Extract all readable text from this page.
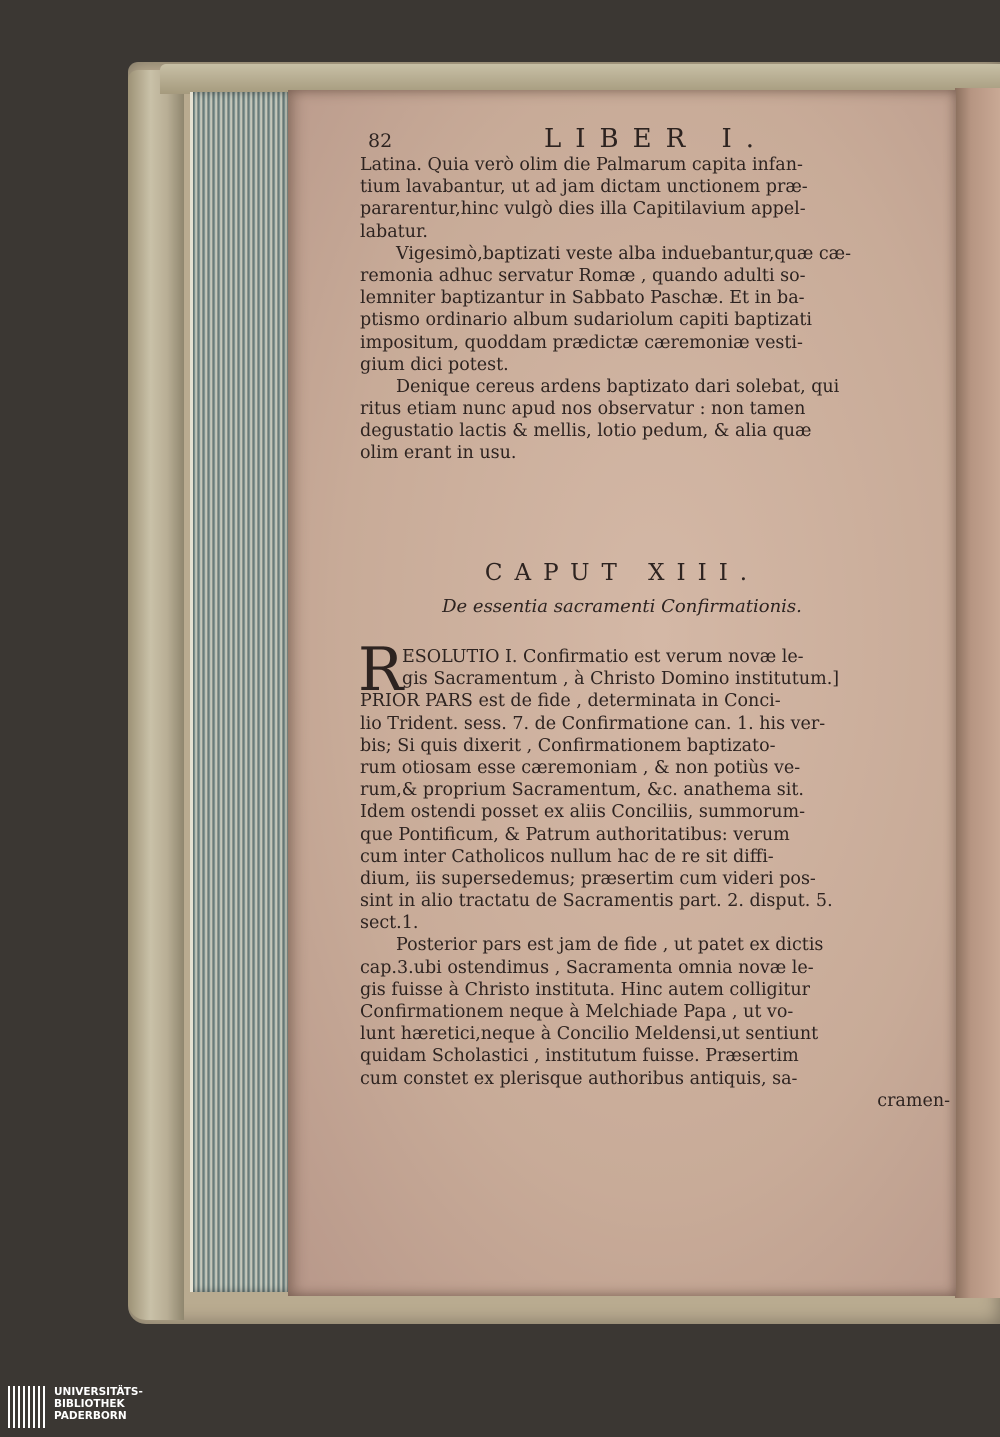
82	LIBER I.
Latina. Quia verò olim die Palmarum capita infan-
tium lavabantur, ut ad jam dictam unctionem præ-
pararentur,hinc vulgò dies illa Capitilavium appel-
labatur.
Vigesimò,baptizati veste alba induebantur,quæ cæ-
remonia adhuc servatur Romæ , quando adulti so-
lemniter baptizantur in Sabbato Paschæ. Et in ba-
ptismo ordinario album sudariolum capiti baptizati
impositum, quoddam prædictæ cæremoniæ vesti-
gium dici potest.
Denique cereus ardens baptizato dari solebat, qui
ritus etiam nunc apud nos observatur : non tamen
degustatio lactis & mellis, lotio pedum, & alia quæ
olim erant in usu.
CAPUT XIII.
De essentia sacramenti Confirmationis.
R
ESOLUTIO I. Confirmatio est verum novæ le-
gis Sacramentum , à Christo Domino institutum.]
PRIOR PARS est de fide , determinata in Conci-
lio Trident. sess. 7. de Confirmatione can. 1. his ver-
bis; Si quis dixerit , Confirmationem baptizato-
rum otiosam esse cæremoniam , & non potiùs ve-
rum,& proprium Sacramentum, &c. anathema sit.
Idem ostendi posset ex aliis Conciliis, summorum-
que Pontificum, & Patrum authoritatibus: verum
cum inter Catholicos nullum hac de re sit diffi-
dium, iis supersedemus; præsertim cum videri pos-
sint in alio tractatu de Sacramentis part. 2. disput. 5.
sect.1.
Posterior pars est jam de fide , ut patet ex dictis
cap.3.ubi ostendimus , Sacramenta omnia novæ le-
gis fuisse à Christo instituta. Hinc autem colligitur
Confirmationem neque à Melchiade Papa , ut vo-
lunt hæretici,neque à Concilio Meldensi,ut sentiunt
quidam Scholastici , institutum fuisse. Præsertim
cum constet ex plerisque authoribus antiquis, sa-
cramen-
UNIVERSITÄTS-
BIBLIOTHEK
PADERBORN
